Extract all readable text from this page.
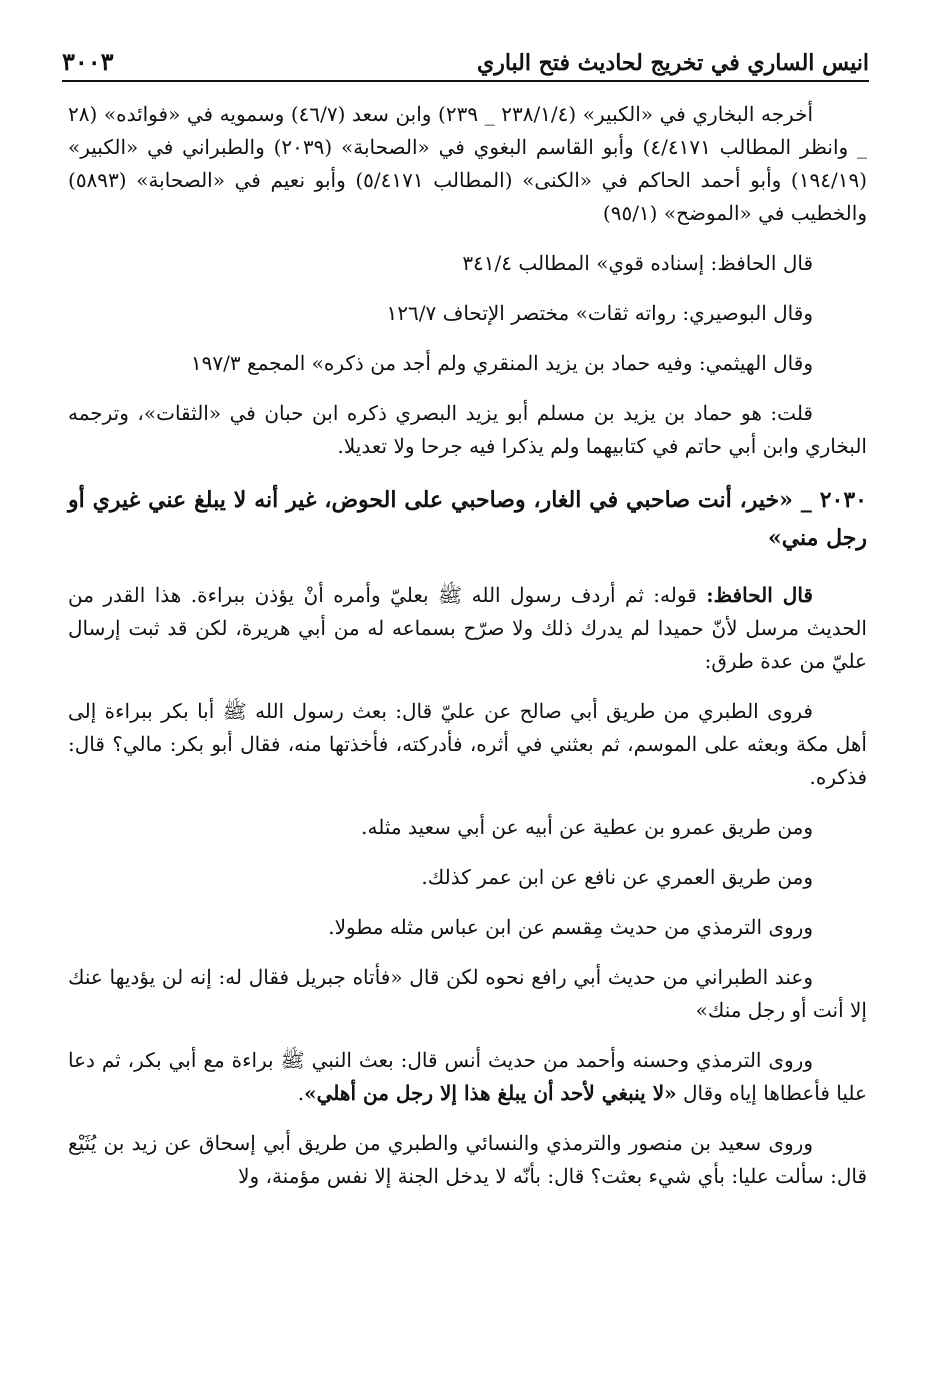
انيس الساري في تخريج لحاديث فتح الباري
٣٠٠٣

أخرجه البخاري في «الكبير» (٢٣٨/١/٤ _ ٢٣٩) وابن سعد (٤٦/٧) وسمويه في «فوائده» (٢٨ _ وانظر المطالب ٤/٤١٧١) وأبو القاسم البغوي في «الصحابة» (٢٠٣٩) والطبراني في «الكبير» (١٩٤/١٩) وأبو أحمد الحاكم في «الكنى» (المطالب ٥/٤١٧١) وأبو نعيم في «الصحابة» (٥٨٩٣) والخطيب في «الموضح» (٩٥/١)

قال الحافظ: إسناده قوي» المطالب ٣٤١/٤

وقال البوصيري: رواته ثقات» مختصر الإتحاف ١٢٦/٧

وقال الهيثمي: وفيه حماد بن يزيد المنقري ولم أجد من ذكره» المجمع ١٩٧/٣

قلت: هو حماد بن يزيد بن مسلم أبو يزيد البصري ذكره ابن حبان في «الثقات»، وترجمه البخاري وابن أبي حاتم في كتابيهما ولم يذكرا فيه جرحا ولا تعديلا.

٢٠٣٠ _ «خير، أنت صاحبي في الغار، وصاحبي على الحوض، غير أنه لا يبلغ عني غيري أو رجل مني»

قال الحافظ: قوله: ثم أردف رسول الله ﷺ بعليّ وأمره أنْ يؤذن ببراءة. هذا القدر من الحديث مرسل لأنّ حميدا لم يدرك ذلك ولا صرّح بسماعه له من أبي هريرة، لكن قد ثبت إرسال عليّ من عدة طرق:

فروى الطبري من طريق أبي صالح عن عليّ قال: بعث رسول الله ﷺ أبا بكر ببراءة إلى أهل مكة وبعثه على الموسم، ثم بعثني في أثره، فأدركته، فأخذتها منه، فقال أبو بكر: مالي؟ قال: فذكره.

ومن طريق عمرو بن عطية عن أبيه عن أبي سعيد مثله.

ومن طريق العمري عن نافع عن ابن عمر كذلك.

وروى الترمذي من حديث مِقسم عن ابن عباس مثله مطولا.

وعند الطبراني من حديث أبي رافع نحوه لكن قال «فأتاه جبريل فقال له: إنه لن يؤديها عنك إلا أنت أو رجل منك»

وروى الترمذي وحسنه وأحمد من حديث أنس قال: بعث النبي ﷺ براءة مع أبي بكر، ثم دعا عليا فأعطاها إياه وقال «لا ينبغي لأحد أن يبلغ هذا إلا رجل من أهلي».

وروى سعيد بن منصور والترمذي والنسائي والطبري من طريق أبي إسحاق عن زيد بن يُثَيْع قال: سألت عليا: بأي شيء بعثت؟ قال: بأنّه لا يدخل الجنة إلا نفس مؤمنة، ولا
